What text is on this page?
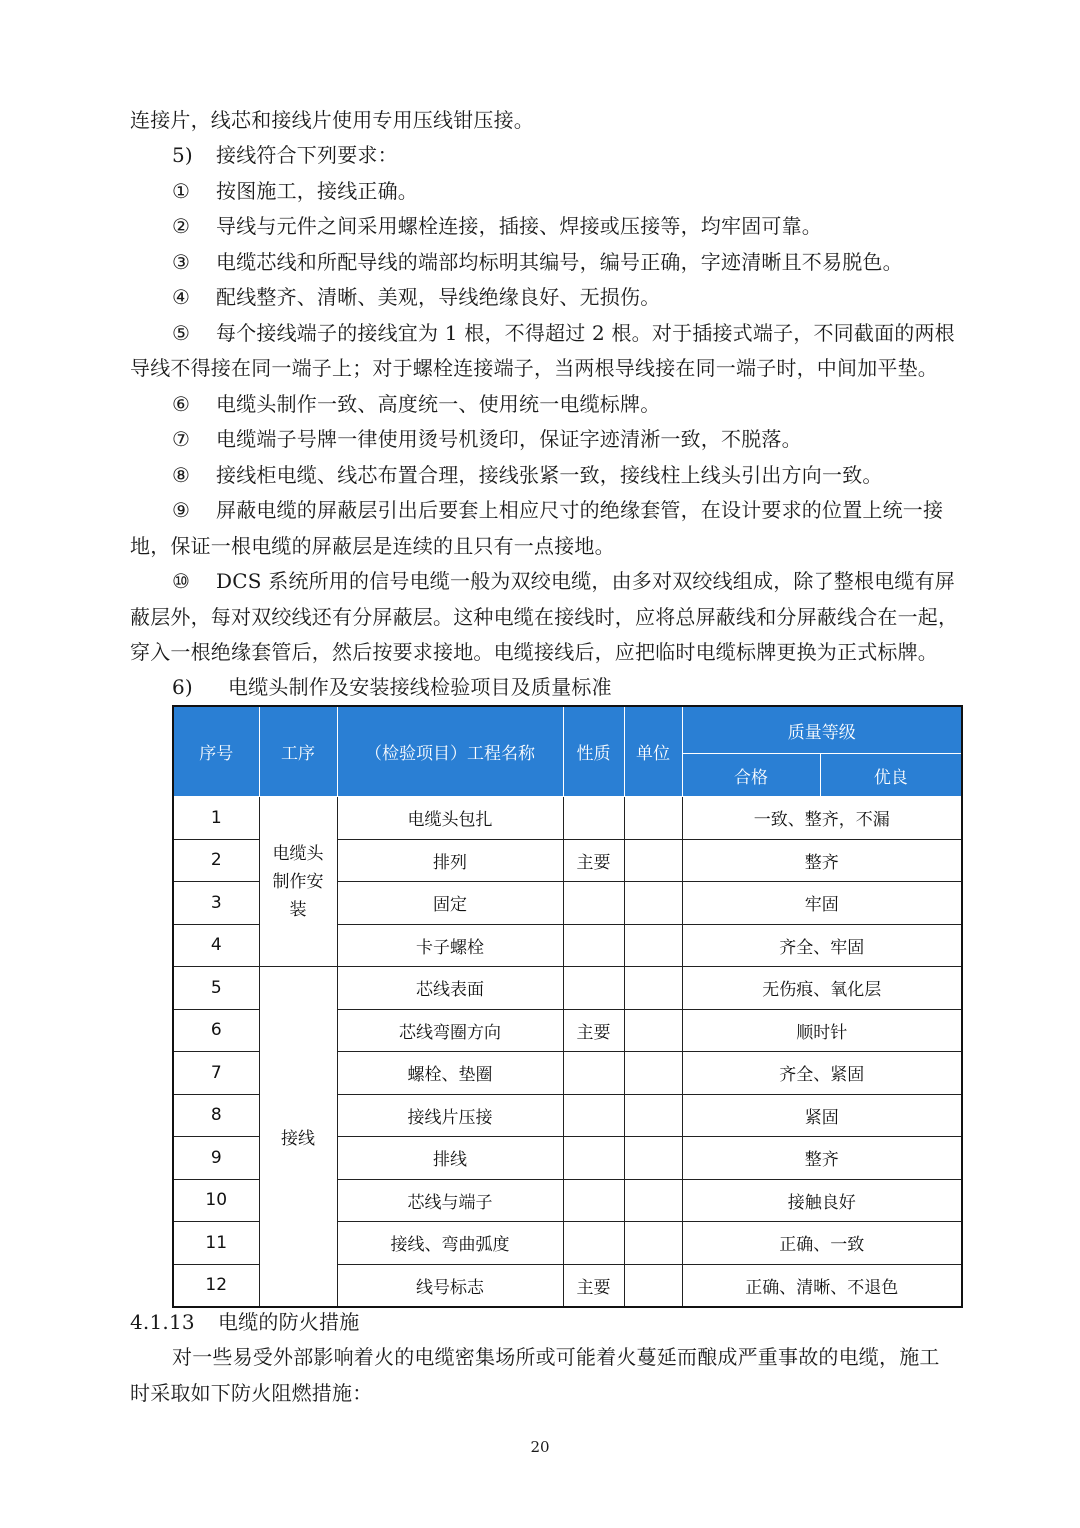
连接片，线芯和接线片使用专用压线钳压接。
5) 接线符合下列要求：
① 按图施工，接线正确。
② 导线与元件之间采用螺栓连接，插接、焊接或压接等，均牢固可靠。
③ 电缆芯线和所配导线的端部均标明其编号，编号正确，字迹清晰且不易脱色。
④ 配线整齐、清晰、美观，导线绝缘良好、无损伤。
⑤ 每个接线端子的接线宜为 1 根，不得超过 2 根。对于插接式端子，不同截面的两根
导线不得接在同一端子上；对于螺栓连接端子，当两根导线接在同一端子时，中间加平垫。
⑥ 电缆头制作一致、高度统一、使用统一电缆标牌。
⑦ 电缆端子号牌一律使用烫号机烫印，保证字迹清淅一致，不脱落。
⑧ 接线柜电缆、线芯布置合理，接线张紧一致，接线柱上线头引出方向一致。
⑨ 屏蔽电缆的屏蔽层引出后要套上相应尺寸的绝缘套管，在设计要求的位置上统一接
地，保证一根电缆的屏蔽层是连续的且只有一点接地。
⑩ DCS 系统所用的信号电缆一般为双绞电缆，由多对双绞线组成，除了整根电缆有屏
蔽层外，每对双绞线还有分屏蔽层。这种电缆在接线时，应将总屏蔽线和分屏蔽线合在一起，
穿入一根绝缘套管后，然后按要求接地。电缆接线后，应把临时电缆标牌更换为正式标牌。
6) 电缆头制作及安装接线检验项目及质量标准
序号	工序	（检验项目）工程名称	性质	单位	质量等级	
					合格	优良
1	电缆头
制作安
装	电缆头包扎			一致、整齐，不漏	
2		排列	主要		整齐	
3		固定			牢固	
4		卡子螺栓			齐全、牢固	
5	接线	芯线表面			无伤痕、氧化层	
6		芯线弯圈方向	主要		顺时针	
7		螺栓、垫圈			齐全、紧固	
8		接线片压接			紧固	
9		排线			整齐	
10		芯线与端子			接触良好	
11		接线、弯曲弧度			正确、一致	
12		线号标志	主要		正确、清晰、不退色	
4.1.13 电缆的防火措施
对一些易受外部影响着火的电缆密集场所或可能着火蔓延而酿成严重事故的电缆，施工
时采取如下防火阻燃措施：
20
